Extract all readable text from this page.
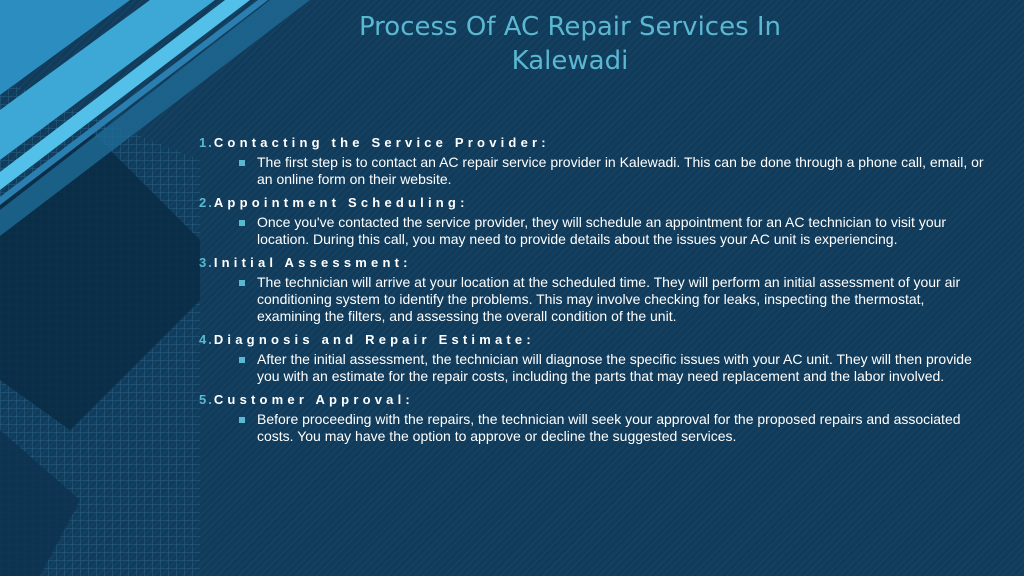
Process Of AC Repair Services In Kalewadi
1.Contacting the Service Provider:
The first step is to contact an AC repair service provider in Kalewadi. This can be done through a phone call, email, or an online form on their website.
2.Appointment Scheduling:
Once you've contacted the service provider, they will schedule an appointment for an AC technician to visit your location. During this call, you may need to provide details about the issues your AC unit is experiencing.
3.Initial Assessment:
The technician will arrive at your location at the scheduled time. They will perform an initial assessment of your air conditioning system to identify the problems. This may involve checking for leaks, inspecting the thermostat, examining the filters, and assessing the overall condition of the unit.
4.Diagnosis and Repair Estimate:
After the initial assessment, the technician will diagnose the specific issues with your AC unit. They will then provide you with an estimate for the repair costs, including the parts that may need replacement and the labor involved.
5.Customer Approval:
Before proceeding with the repairs, the technician will seek your approval for the proposed repairs and associated costs. You may have the option to approve or decline the suggested services.
